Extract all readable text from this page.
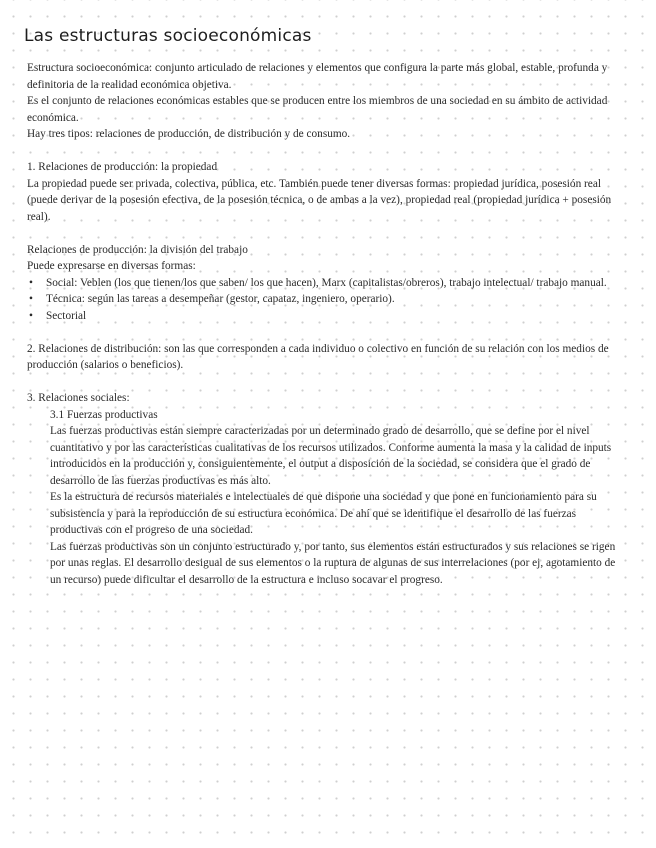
Las estructuras socioeconómicas

Estructura socioeconómica: conjunto articulado de relaciones y elementos que configura la parte más global, estable, profunda y definitoria de la realidad económica objetiva.

Es el conjunto de relaciones económicas estables que se producen entre los miembros de una sociedad en su ámbito de actividad económica.

Hay tres tipos: relaciones de producción, de distribución y de consumo.

1. Relaciones de producción: la propiedad

La propiedad puede ser privada, colectiva, pública, etc. También puede tener diversas formas: propiedad jurídica, posesión real (puede derivar de la posesión efectiva, de la posesión técnica, o de ambas a la vez), propiedad real (propiedad jurídica + posesión real).

Relaciones de producción: la división del trabajo

Puede expresarse en diversas formas:

• Social: Veblen (los que tienen/los que saben/ los que hacen), Marx (capitalistas/obreros), trabajo intelectual/ trabajo manual.

• Técnica: según las tareas a desempeñar (gestor, capataz, ingeniero, operario).

• Sectorial

2. Relaciones de distribución: son las que corresponden a cada individuo o colectivo en función de su relación con los medios de producción (salarios o beneficios).

3. Relaciones sociales:

3.1 Fuerzas productivas

Las fuerzas productivas están siempre caracterizadas por un determinado grado de desarrollo, que se define por el nivel cuantitativo y por las características cualitativas de los recursos utilizados. Conforme aumenta la masa y la calidad de inputs introducidos en la producción y, consiguientemente, el output a disposición de la sociedad, se considera que el grado de desarrollo de las fuerzas productivas es más alto.

Es la estructura de recursos materiales e intelectuales de que dispone una sociedad y que pone en funcionamiento para su subsistencia y para la reproducción de su estructura económica. De ahí que se identifique el desarrollo de las fuerzas productivas con el progreso de una sociedad.

Las fuerzas productivas son un conjunto estructurado y, por tanto, sus elementos están estructurados y sus relaciones se rigen por unas reglas. El desarrollo desigual de sus elementos o la ruptura de algunas de sus interrelaciones (por ej, agotamiento de un recurso) puede dificultar el desarrollo de la estructura e incluso socavar el progreso.
